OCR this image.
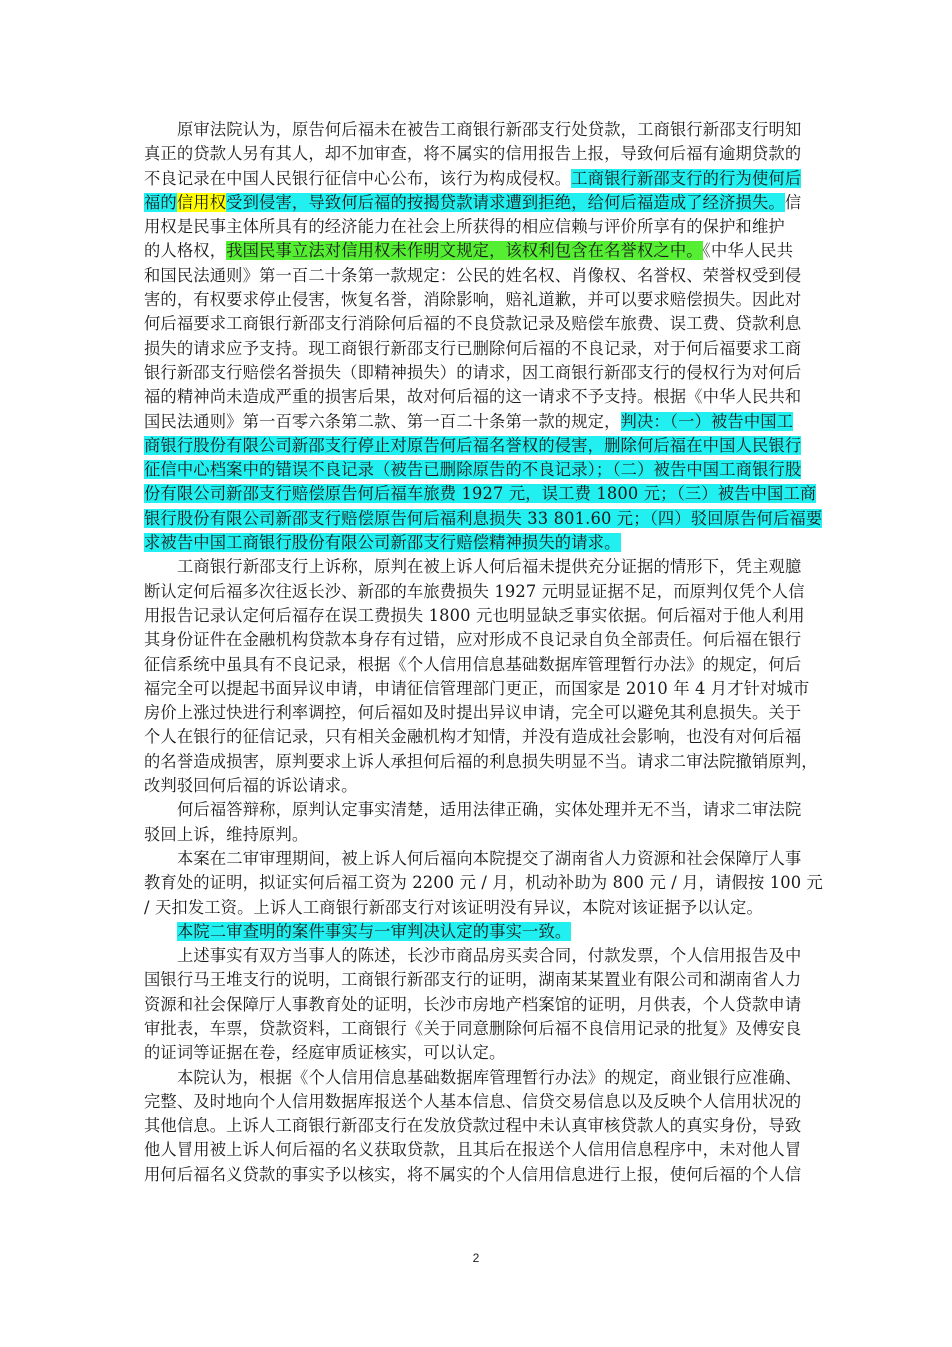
原审法院认为，原告何后福未在被告工商银行新邵支行处贷款，工商银行新邵支行明知
真正的贷款人另有其人，却不加审查，将不属实的信用报告上报，导致何后福有逾期贷款的
不良记录在中国人民银行征信中心公布，该行为构成侵权。工商银行新邵支行的行为使何后
福的信用权受到侵害，导致何后福的按揭贷款请求遭到拒绝，给何后福造成了经济损失。信
用权是民事主体所具有的经济能力在社会上所获得的相应信赖与评价所享有的保护和维护
的人格权，我国民事立法对信用权未作明文规定，该权利包含在名誉权之中。《中华人民共
和国民法通则》第一百二十条第一款规定：公民的姓名权、肖像权、名誉权、荣誉权受到侵
害的，有权要求停止侵害，恢复名誉，消除影响，赔礼道歉，并可以要求赔偿损失。因此对
何后福要求工商银行新邵支行消除何后福的不良贷款记录及赔偿车旅费、误工费、贷款利息
损失的请求应予支持。现工商银行新邵支行已删除何后福的不良记录，对于何后福要求工商
银行新邵支行赔偿名誉损失（即精神损失）的请求，因工商银行新邵支行的侵权行为对何后
福的精神尚未造成严重的损害后果，故对何后福的这一请求不予支持。根据《中华人民共和
国民法通则》第一百零六条第二款、第一百二十条第一款的规定，判决：（一）被告中国工
商银行股份有限公司新邵支行停止对原告何后福名誉权的侵害，删除何后福在中国人民银行
征信中心档案中的错误不良记录（被告已删除原告的不良记录）；（二）被告中国工商银行股
份有限公司新邵支行赔偿原告何后福车旅费 1927 元，误工费 1800 元；（三）被告中国工商
银行股份有限公司新邵支行赔偿原告何后福利息损失 33 801.60 元；（四）驳回原告何后福要
求被告中国工商银行股份有限公司新邵支行赔偿精神损失的请求。
工商银行新邵支行上诉称，原判在被上诉人何后福未提供充分证据的情形下，凭主观臆
断认定何后福多次往返长沙、新邵的车旅费损失 1927 元明显证据不足，而原判仅凭个人信
用报告记录认定何后福存在误工费损失 1800 元也明显缺乏事实依据。何后福对于他人利用
其身份证件在金融机构贷款本身存有过错，应对形成不良记录自负全部责任。何后福在银行
征信系统中虽具有不良记录，根据《个人信用信息基础数据库管理暂行办法》的规定，何后
福完全可以提起书面异议申请，申请征信管理部门更正，而国家是 2010 年 4 月才针对城市
房价上涨过快进行利率调控，何后福如及时提出异议申请，完全可以避免其利息损失。关于
个人在银行的征信记录，只有相关金融机构才知情，并没有造成社会影响，也没有对何后福
的名誉造成损害，原判要求上诉人承担何后福的利息损失明显不当。请求二审法院撤销原判，
改判驳回何后福的诉讼请求。
何后福答辩称，原判认定事实清楚，适用法律正确，实体处理并无不当，请求二审法院
驳回上诉，维持原判。
本案在二审审理期间，被上诉人何后福向本院提交了湖南省人力资源和社会保障厅人事
教育处的证明，拟证实何后福工资为 2200 元 / 月，机动补助为 800 元 / 月，请假按 100 元
/ 天扣发工资。上诉人工商银行新邵支行对该证明没有异议，本院对该证据予以认定。
本院二审查明的案件事实与一审判决认定的事实一致。
上述事实有双方当事人的陈述，长沙市商品房买卖合同，付款发票，个人信用报告及中
国银行马王堆支行的说明，工商银行新邵支行的证明，湖南某某置业有限公司和湖南省人力
资源和社会保障厅人事教育处的证明，长沙市房地产档案馆的证明，月供表，个人贷款申请
审批表，车票，贷款资料，工商银行《关于同意删除何后福不良信用记录的批复》及傅安良
的证词等证据在卷，经庭审质证核实，可以认定。
本院认为，根据《个人信用信息基础数据库管理暂行办法》的规定，商业银行应准确、
完整、及时地向个人信用数据库报送个人基本信息、信贷交易信息以及反映个人信用状况的
其他信息。上诉人工商银行新邵支行在发放贷款过程中未认真审核贷款人的真实身份，导致
他人冒用被上诉人何后福的名义获取贷款，且其后在报送个人信用信息程序中，未对他人冒
用何后福名义贷款的事实予以核实，将不属实的个人信用信息进行上报，使何后福的个人信
2
